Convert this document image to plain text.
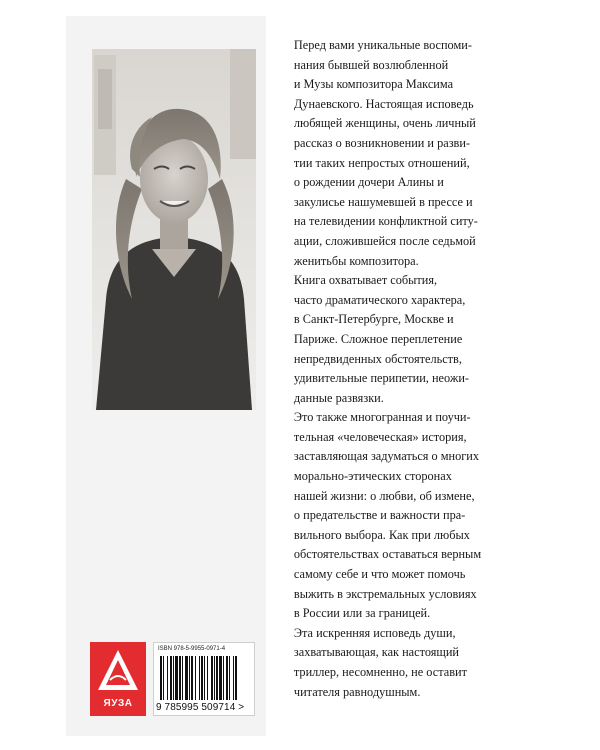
Перед вами уникальные воспоми-
нания бывшей возлюбленной
и Музы композитора Максима
Дунаевского. Настоящая исповедь
любящей женщины, очень личный
рассказ о возникновении и разви-
тии таких непростых отношений,
о рождении дочери Алины и
закулисье нашумевшей в прессе и
на телевидении конфликтной ситу-
ации, сложившейся после седьмой
женитьбы композитора.

Книга охватывает события,
часто драматического характера,
в Санкт-Петербурге, Москве и
Париже. Сложное переплетение
непредвиденных обстоятельств,
удивительные перипетии, неожи-
данные развязки.

Это также многогранная и поучи-
тельная «человеческая» история,
заставляющая задуматься о многих
морально-этических сторонах
нашей жизни: о любви, об измене,
о предательстве и важности пра-
вильного выбора. Как при любых
обстоятельствах оставаться верным
самому себе и что может помочь
выжить в экстремальных условиях
в России или за границей.

Эта искренняя исповедь души,
захватывающая, как настоящий
триллер, несомненно, не оставит
читателя равнодушным.

ЯУЗА
ISBN 978-5-9955-0971-4
9 785995 509714 >
